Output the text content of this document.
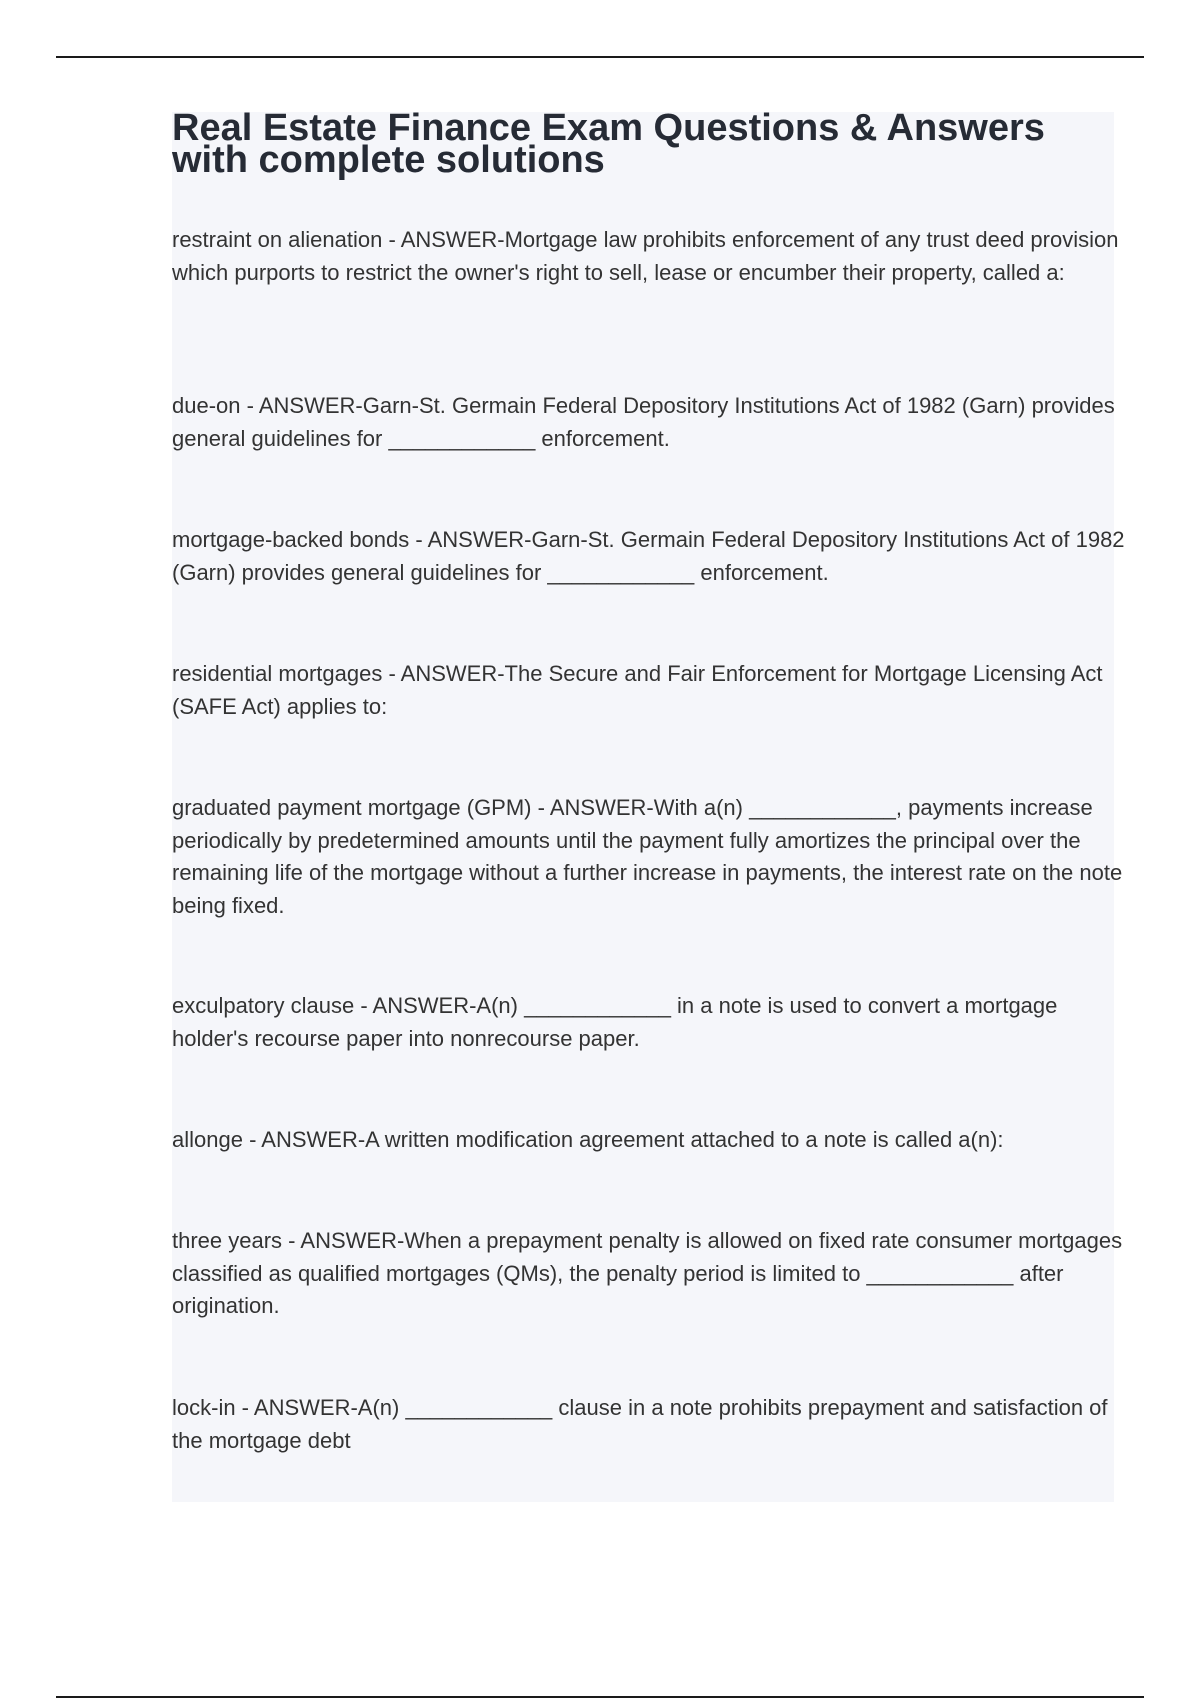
Real Estate Finance Exam Questions & Answers
with complete solutions
restraint on alienation - ANSWER-Mortgage law prohibits enforcement of any trust deed provision which purports to restrict the owner's right to sell, lease or encumber their property, called a:
due-on - ANSWER-Garn-St. Germain Federal Depository Institutions Act of 1982 (Garn) provides general guidelines for ____________ enforcement.
mortgage-backed bonds - ANSWER-Garn-St. Germain Federal Depository Institutions Act of 1982 (Garn) provides general guidelines for ____________ enforcement.
residential mortgages - ANSWER-The Secure and Fair Enforcement for Mortgage Licensing Act (SAFE Act) applies to:
graduated payment mortgage (GPM) - ANSWER-With a(n) ____________, payments increase periodically by predetermined amounts until the payment fully amortizes the principal over the remaining life of the mortgage without a further increase in payments, the interest rate on the note being fixed.
exculpatory clause - ANSWER-A(n) ____________ in a note is used to convert a mortgage holder's recourse paper into nonrecourse paper.
allonge - ANSWER-A written modification agreement attached to a note is called a(n):
three years - ANSWER-When a prepayment penalty is allowed on fixed rate consumer mortgages classified as qualified mortgages (QMs), the penalty period is limited to ____________ after origination.
lock-in - ANSWER-A(n) ____________ clause in a note prohibits prepayment and satisfaction of the mortgage debt
